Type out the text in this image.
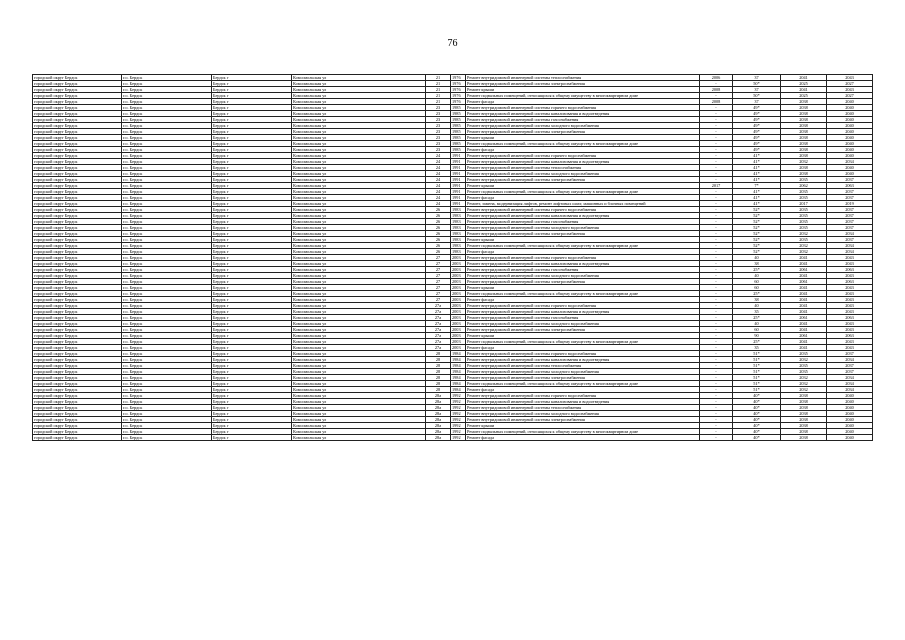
76
городской округ Бердск	г.о. Бердск	Бердск г	Комсомольская ул	21	1976	Ремонт внутридомовой инженерной системы теплоснабжения	2006	37	2041	2043
городской округ Бердск	г.о. Бердск	Бердск г	Комсомольская ул	21	1976	Ремонт внутридомовой инженерной системы электроснабжения	-	50*	2025	2027
городской округ Бердск	г.о. Бердск	Бердск г	Комсомольская ул	21	1976	Ремонт крыши	2008	37	2041	2043
городской округ Бердск	г.о. Бердск	Бердск г	Комсомольская ул	21	1976	Ремонт подвальных помещений, относящихся к общему имуществу в многоквартирном доме	-	50*	2025	2027
городской округ Бердск	г.о. Бердск	Бердск г	Комсомольская ул	21	1976	Ремонт фасада	2008	37	2038	2040
городской округ Бердск	г.о. Бердск	Бердск г	Комсомольская ул	23	1985	Ремонт внутридомовой инженерной системы горячего водоснабжения	-	49*	2038	2040
городской округ Бердск	г.о. Бердск	Бердск г	Комсомольская ул	23	1985	Ремонт внутридомовой инженерной системы канализования и водоотведения	-	49*	2038	2040
городской округ Бердск	г.о. Бердск	Бердск г	Комсомольская ул	23	1985	Ремонт внутридомовой инженерной системы газоснабжения	-	49*	2038	2040
городской округ Бердск	г.о. Бердск	Бердск г	Комсомольская ул	23	1985	Ремонт внутридомовой инженерной системы холодного водоснабжения	-	49*	2038	2040
городской округ Бердск	г.о. Бердск	Бердск г	Комсомольская ул	23	1985	Ремонт внутридомовой инженерной системы электроснабжения	-	49*	2038	2040
городской округ Бердск	г.о. Бердск	Бердск г	Комсомольская ул	23	1985	Ремонт крыши	-	49*	2038	2040
городской округ Бердск	г.о. Бердск	Бердск г	Комсомольская ул	23	1985	Ремонт подвальных помещений, относящихся к общему имуществу в многоквартирном доме	-	49*	2038	2040
городской округ Бердск	г.о. Бердск	Бердск г	Комсомольская ул	23	1985	Ремонт фасада	-	49*	2038	2040
городской округ Бердск	г.о. Бердск	Бердск г	Комсомольская ул	24	1991	Ремонт внутридомовой инженерной системы горячего водоснабжения	-	41*	2038	2040
городской округ Бердск	г.о. Бердск	Бердск г	Комсомольская ул	24	1991	Ремонт внутридомовой инженерной системы канализования и водоотведения	-	41*	2032	2034
городской округ Бердск	г.о. Бердск	Бердск г	Комсомольская ул	24	1991	Ремонт внутридомовой инженерной системы теплоснабжения	-	41*	2038	2040
городской округ Бердск	г.о. Бердск	Бердск г	Комсомольская ул	24	1991	Ремонт внутридомовой инженерной системы холодного водоснабжения	-	41*	2038	2040
городской округ Бердск	г.о. Бердск	Бердск г	Комсомольская ул	24	1991	Ремонт внутридомовой инженерной системы электроснабжения	-	41*	2035	2037
городской округ Бердск	г.о. Бердск	Бердск г	Комсомольская ул	24	1991	Ремонт крыши	2017	7*	2062	2063
городской округ Бердск	г.о. Бердск	Бердск г	Комсомольская ул	24	1991	Ремонт подвальных помещений, относящихся к общему имуществу в многоквартирном доме	-	41*	2035	2037
городской округ Бердск	г.о. Бердск	Бердск г	Комсомольская ул	24	1991	Ремонт фасада	-	41*	2035	2037
городской округ Бердск	г.о. Бердск	Бердск г	Комсомольская ул	24	1991	Ремонт, замена, модернизация лифтов, ремонт лифтовых шахт, машинных и блочных помещений	-	41*	2017	2019
городской округ Бердск	г.о. Бердск	Бердск г	Комсомольская ул	26	1983	Ремонт внутридомовой инженерной системы горячего водоснабжения	-	52*	2035	2037
городской округ Бердск	г.о. Бердск	Бердск г	Комсомольская ул	26	1983	Ремонт внутридомовой инженерной системы канализования и водоотведения	-	52*	2035	2037
городской округ Бердск	г.о. Бердск	Бердск г	Комсомольская ул	26	1983	Ремонт внутридомовой инженерной системы газоснабжения	-	52*	2035	2037
городской округ Бердск	г.о. Бердск	Бердск г	Комсомольская ул	26	1983	Ремонт внутридомовой инженерной системы холодного водоснабжения	-	52*	2035	2037
городской округ Бердск	г.о. Бердск	Бердск г	Комсомольская ул	26	1983	Ремонт внутридомовой инженерной системы электроснабжения	-	52*	2032	2034
городской округ Бердск	г.о. Бердск	Бердск г	Комсомольская ул	26	1983	Ремонт крыши	-	52*	2035	2037
городской округ Бердск	г.о. Бердск	Бердск г	Комсомольская ул	26	1983	Ремонт подвальных помещений, относящихся к общему имуществу в многоквартирном доме	-	52*	2032	2034
городской округ Бердск	г.о. Бердск	Бердск г	Комсомольская ул	26	1983	Ремонт фасада	-	52*	2032	2034
городской округ Бердск	г.о. Бердск	Бердск г	Комсомольская ул	27	2003	Ремонт внутридомовой инженерной системы горячего водоснабжения	-	40	2041	2043
городской округ Бердск	г.о. Бердск	Бердск г	Комсомольская ул	27	2003	Ремонт внутридомовой инженерной системы канализования и водоотведения	-	38	2041	2043
городской округ Бердск	г.о. Бердск	Бердск г	Комсомольская ул	27	2003	Ремонт внутридомовой инженерной системы газоснабжения	-	25*	2061	2063
городской округ Бердск	г.о. Бердск	Бердск г	Комсомольская ул	27	2003	Ремонт внутридомовой инженерной системы холодного водоснабжения	-	40	2041	2043
городской округ Бердск	г.о. Бердск	Бердск г	Комсомольская ул	27	2003	Ремонт внутридомовой инженерной системы электроснабжения	-	60	2061	2063
городской округ Бердск	г.о. Бердск	Бердск г	Комсомольская ул	27	2003	Ремонт крыши	-	60	2041	2043
городской округ Бердск	г.о. Бердск	Бердск г	Комсомольская ул	27	2003	Ремонт подвальных помещений, относящихся к общему имуществу в многоквартирном доме	-	25*	2041	2043
городской округ Бердск	г.о. Бердск	Бердск г	Комсомольская ул	27	2003	Ремонт фасада	-	38	2041	2043
городской округ Бердск	г.о. Бердск	Бердск г	Комсомольская ул	27а	2003	Ремонт внутридомовой инженерной системы горячего водоснабжения	-	40	2041	2043
городской округ Бердск	г.о. Бердск	Бердск г	Комсомольская ул	27а	2003	Ремонт внутридомовой инженерной системы канализования и водоотведения	-	35	2041	2043
городской округ Бердск	г.о. Бердск	Бердск г	Комсомольская ул	27а	2003	Ремонт внутридомовой инженерной системы газоснабжения	-	25*	2061	2063
городской округ Бердск	г.о. Бердск	Бердск г	Комсомольская ул	27а	2003	Ремонт внутридомовой инженерной системы холодного водоснабжения	-	40	2041	2043
городской округ Бердск	г.о. Бердск	Бердск г	Комсомольская ул	27а	2003	Ремонт внутридомовой инженерной системы электроснабжения	-	60	2041	2043
городской округ Бердск	г.о. Бердск	Бердск г	Комсомольская ул	27а	2003	Ремонт крыши	-	90	2061	2063
городской округ Бердск	г.о. Бердск	Бердск г	Комсомольская ул	27а	2003	Ремонт подвальных помещений, относящихся к общему имуществу в многоквартирном доме	-	25*	2041	2043
городской округ Бердск	г.о. Бердск	Бердск г	Комсомольская ул	27а	2003	Ремонт фасада	-	35	2041	2043
городской округ Бердск	г.о. Бердск	Бердск г	Комсомольская ул	28	1984	Ремонт внутридомовой инженерной системы горячего водоснабжения	-	51*	2035	2037
городской округ Бердск	г.о. Бердск	Бердск г	Комсомольская ул	28	1984	Ремонт внутридомовой инженерной системы канализования и водоотведения	-	51*	2032	2034
городской округ Бердск	г.о. Бердск	Бердск г	Комсомольская ул	28	1984	Ремонт внутридомовой инженерной системы теплоснабжения	-	51*	2035	2037
городской округ Бердск	г.о. Бердск	Бердск г	Комсомольская ул	28	1984	Ремонт внутридомовой инженерной системы холодного водоснабжения	-	51*	2035	2037
городской округ Бердск	г.о. Бердск	Бердск г	Комсомольская ул	28	1984	Ремонт внутридомовой инженерной системы электроснабжения	-	51*	2032	2034
городской округ Бердск	г.о. Бердск	Бердск г	Комсомольская ул	28	1984	Ремонт подвальных помещений, относящихся к общему имуществу в многоквартирном доме	-	51*	2032	2034
городской округ Бердск	г.о. Бердск	Бердск г	Комсомольская ул	28	1984	Ремонт фасада	-	51*	2032	2034
городской округ Бердск	г.о. Бердск	Бердск г	Комсомольская ул	28а	1992	Ремонт внутридомовой инженерной системы горячего водоснабжения	-	40*	2038	2040
городской округ Бердск	г.о. Бердск	Бердск г	Комсомольская ул	28а	1992	Ремонт внутридомовой инженерной системы канализования и водоотведения	-	40*	2038	2040
городской округ Бердск	г.о. Бердск	Бердск г	Комсомольская ул	28а	1992	Ремонт внутридомовой инженерной системы теплоснабжения	-	40*	2038	2040
городской округ Бердск	г.о. Бердск	Бердск г	Комсомольская ул	28а	1992	Ремонт внутридомовой инженерной системы холодного водоснабжения	-	40*	2038	2040
городской округ Бердск	г.о. Бердск	Бердск г	Комсомольская ул	28а	1992	Ремонт внутридомовой инженерной системы электроснабжения	-	40*	2038	2040
городской округ Бердск	г.о. Бердск	Бердск г	Комсомольская ул	28а	1992	Ремонт крыши	-	40*	2038	2040
городской округ Бердск	г.о. Бердск	Бердск г	Комсомольская ул	28а	1992	Ремонт подвальных помещений, относящихся к общему имуществу в многоквартирном доме	-	40*	2038	2040
городской округ Бердск	г.о. Бердск	Бердск г	Комсомольская ул	28а	1992	Ремонт фасада	-	40*	2038	2040
